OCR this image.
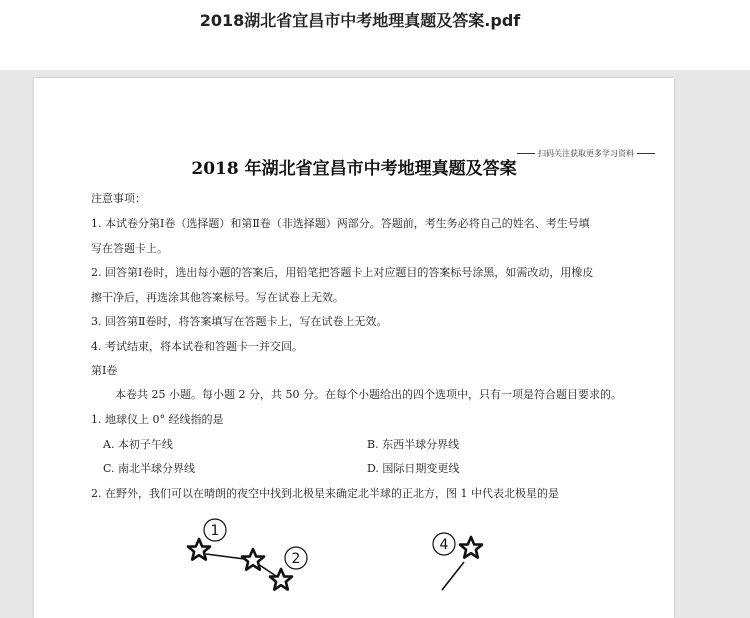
2018湖北省宜昌市中考地理真题及答案.pdf
扫码关注获取更多学习资料
2018 年湖北省宜昌市中考地理真题及答案
注意事项：
1. 本试卷分第Ⅰ卷（选择题）和第Ⅱ卷（非选择题）两部分。答题前，考生务必将自己的姓名、考生号填
写在答题卡上。
2. 回答第Ⅰ卷时，选出每小题的答案后，用铅笔把答题卡上对应题目的答案标号涂黑，如需改动，用橡皮
擦干净后，再选涂其他答案标号。写在试卷上无效。
3. 回答第Ⅱ卷时，将答案填写在答题卡上，写在试卷上无效。
4. 考试结束，将本试卷和答题卡一并交回。
第Ⅰ卷
本卷共 25 小题。每小题 2 分，共 50 分。在每个小题给出的四个选项中，只有一项是符合题目要求的。
1. 地球仪上 0° 经线指的是
A. 本初子午线	B. 东西半球分界线
C. 南北半球分界线	D. 国际日期变更线
2. 在野外，我们可以在晴朗的夜空中找到北极星来确定北半球的正北方，图 1 中代表北极星的是
1
2
4
